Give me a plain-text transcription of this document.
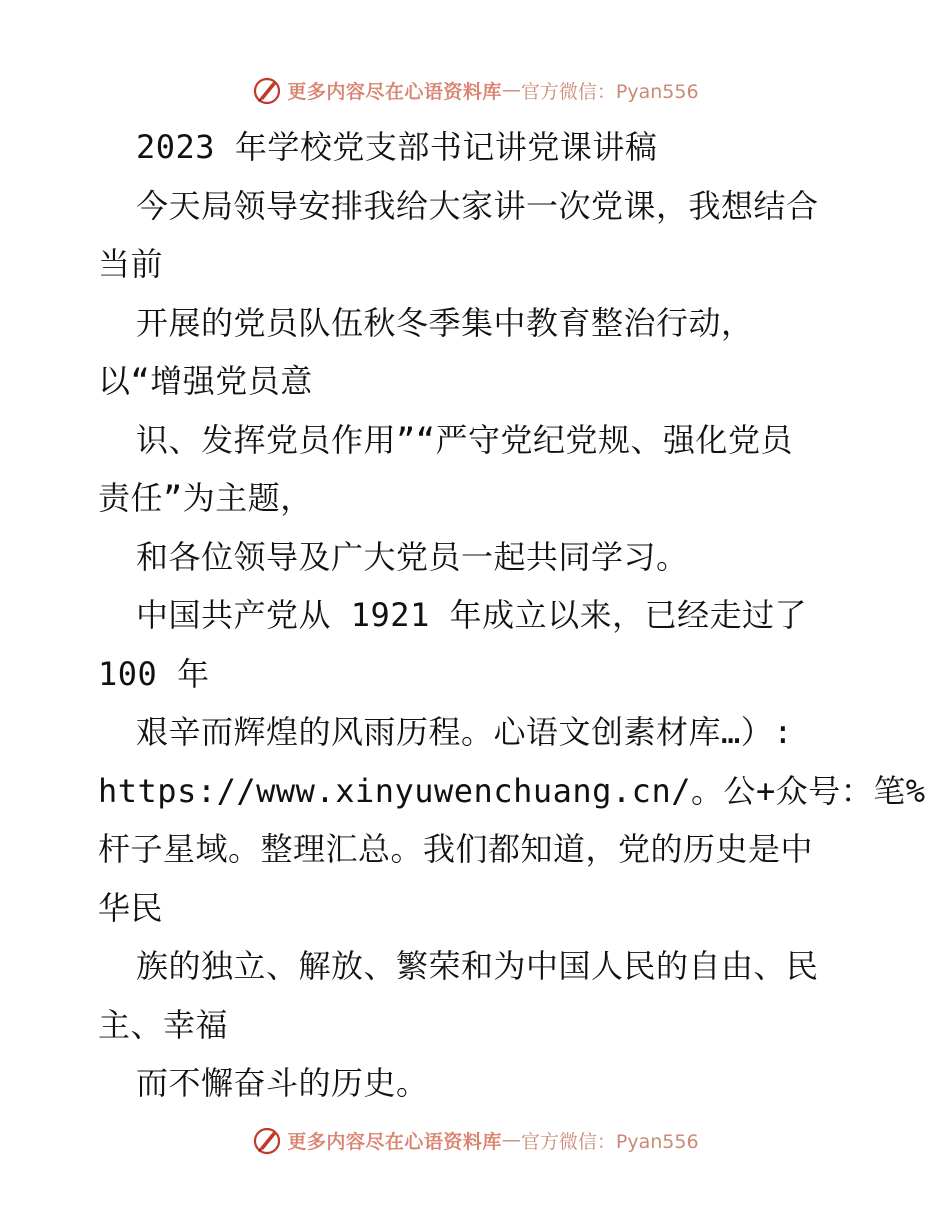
更多内容尽在心语资料库 — 官方微信：Pyan556
2023 年学校党支部书记讲党课讲稿
今天局领导安排我给大家讲一次党课，我想结合
当前
开展的党员队伍秋冬季集中教育整治行动，
以“增强党员意
识、发挥党员作用”“严守党纪党规、强化党员
责任”为主题，
和各位领导及广大党员一起共同学习。
中国共产党从 1921 年成立以来，已经走过了
100 年
艰辛而辉煌的风雨历程。心语文创素材库…）:
https://www.xinyuwenchuang.cn/。公+众号：笔%
杆子星域。整理汇总。我们都知道，党的历史是中
华民
族的独立、解放、繁荣和为中国人民的自由、民
主、幸福
而不懈奋斗的历史。
更多内容尽在心语资料库 — 官方微信：Pyan556
